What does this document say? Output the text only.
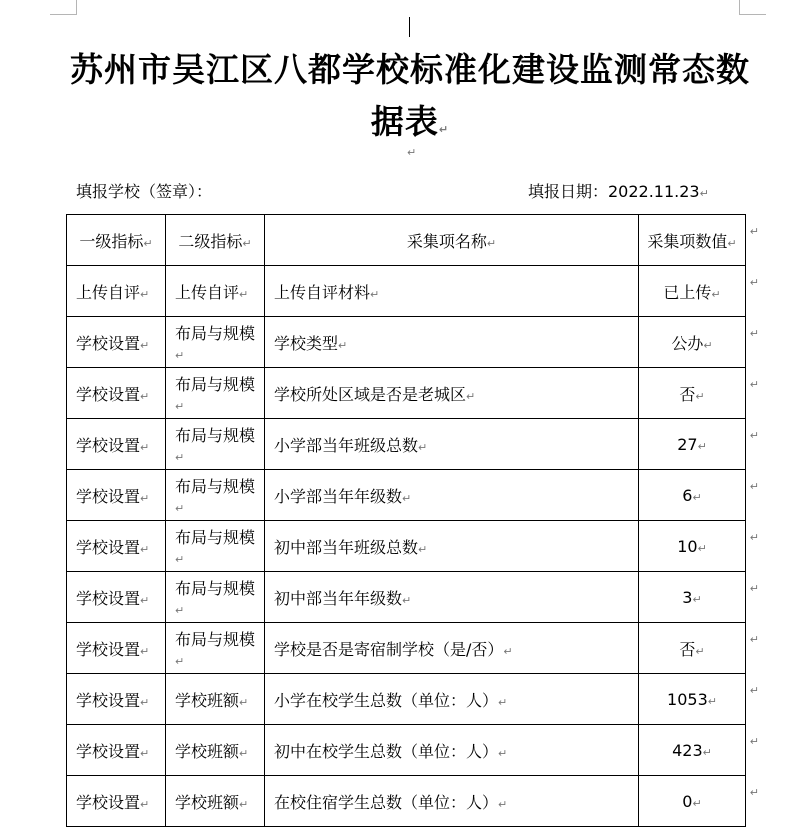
苏州市吴江区八都学校标准化建设监测常态数
据表↵
↵
填报学校（签章）：	填报日期：2022.11.23↵
一级指标↵	二级指标↵	采集项名称↵	采集项数值↵
↵

上传自评↵	上传自评↵	上传自评材料↵	已上传↵
↵

学校设置↵	布局与规模↵	学校类型↵	公办↵
↵

学校设置↵	布局与规模↵	学校所处区域是否是老城区↵	否↵
↵

学校设置↵	布局与规模↵	小学部当年班级总数↵	27↵
↵

学校设置↵	布局与规模↵	小学部当年年级数↵	6↵
↵

学校设置↵	布局与规模↵	初中部当年班级总数↵	10↵
↵

学校设置↵	布局与规模↵	初中部当年年级数↵	3↵
↵

学校设置↵	布局与规模↵	学校是否是寄宿制学校（是/否）↵	否↵
↵

学校设置↵	学校班额↵	小学在校学生总数（单位：人）↵	1053↵
↵

学校设置↵	学校班额↵	初中在校学生总数（单位：人）↵	423↵
↵

学校设置↵	学校班额↵	在校住宿学生总数（单位：人）↵	0↵
↵
